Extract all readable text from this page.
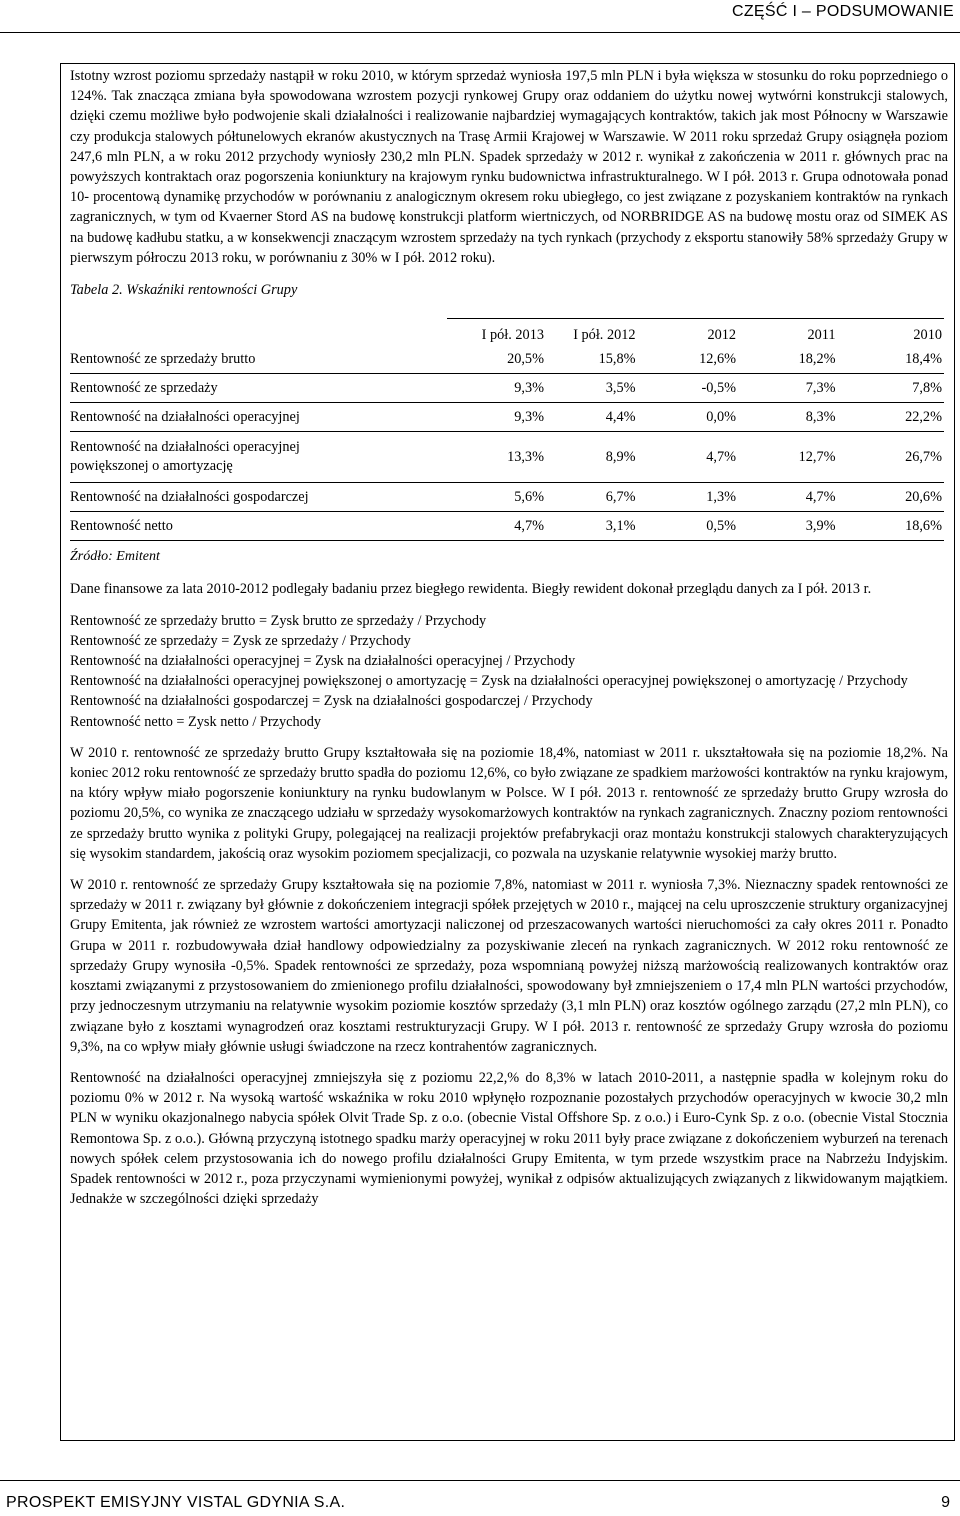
CZĘŚĆ I – PODSUMOWANIE

Istotny wzrost poziomu sprzedaży nastąpił w roku 2010, w którym sprzedaż wyniosła 197,5 mln PLN i była większa w stosunku do roku poprzedniego o 124%. Tak znacząca zmiana była spowodowana wzrostem pozycji rynkowej Grupy oraz oddaniem do użytku nowej wytwórni konstrukcji stalowych, dzięki czemu możliwe było podwojenie skali działalności i realizowanie najbardziej wymagających kontraktów, takich jak most Północny w Warszawie czy produkcja stalowych półtunelowych ekranów akustycznych na Trasę Armii Krajowej w Warszawie. W 2011 roku sprzedaż Grupy osiągnęła poziom 247,6 mln PLN, a w roku 2012 przychody wyniosły 230,2 mln PLN. Spadek sprzedaży w 2012 r. wynikał z zakończenia w 2011 r. głównych prac na powyższych kontraktach oraz pogorszenia koniunktury na krajowym rynku budownictwa infrastrukturalnego. W I pół. 2013 r. Grupa odnotowała ponad 10- procentową dynamikę przychodów w porównaniu z analogicznym okresem roku ubiegłego, co jest związane z pozyskaniem kontraktów na rynkach zagranicznych, w tym od Kvaerner Stord AS na budowę konstrukcji platform wiertniczych, od NORBRIDGE AS na budowę mostu oraz od SIMEK AS na budowę kadłubu statku, a w konsekwencji znaczącym wzrostem sprzedaży na tych rynkach (przychody z eksportu stanowiły 58% sprzedaży Grupy w pierwszym półroczu 2013 roku, w porównaniu z 30% w I pół. 2012 roku).

Tabela 2. Wskaźniki rentowności Grupy
	I pół. 2013	I pół. 2012	2012	2011	2010
Rentowność ze sprzedaży brutto	20,5%	15,8%	12,6%	18,2%	18,4%
Rentowność ze sprzedaży	9,3%	3,5%	-0,5%	7,3%	7,8%
Rentowność na działalności operacyjnej	9,3%	4,4%	0,0%	8,3%	22,2%
Rentowność na działalności operacyjnej powiększonej o amortyzację	13,3%	8,9%	4,7%	12,7%	26,7%
Rentowność na działalności gospodarczej	5,6%	6,7%	1,3%	4,7%	20,6%
Rentowność netto	4,7%	3,1%	0,5%	3,9%	18,6%
Źródło: Emitent

Dane finansowe za lata 2010-2012 podlegały badaniu przez biegłego rewidenta. Biegły rewident dokonał przeglądu danych za I pół. 2013 r.

Rentowność ze sprzedaży brutto = Zysk brutto ze sprzedaży / Przychody

Rentowność ze sprzedaży = Zysk ze sprzedaży / Przychody

Rentowność na działalności operacyjnej = Zysk na działalności operacyjnej / Przychody

Rentowność na działalności operacyjnej powiększonej o amortyzację = Zysk na działalności operacyjnej powiększonej o amortyzację / Przychody

Rentowność na działalności gospodarczej = Zysk na działalności gospodarczej / Przychody

Rentowność netto = Zysk netto / Przychody

W 2010 r. rentowność ze sprzedaży brutto Grupy kształtowała się na poziomie 18,4%, natomiast w 2011 r. ukształtowała się na poziomie 18,2%. Na koniec 2012 roku rentowność ze sprzedaży brutto spadła do poziomu 12,6%, co było związane ze spadkiem marżowości kontraktów na rynku krajowym, na który wpływ miało pogorszenie koniunktury na rynku budowlanym w Polsce. W I pół. 2013 r. rentowność ze sprzedaży brutto Grupy wzrosła do poziomu 20,5%, co wynika ze znaczącego udziału w sprzedaży wysokomarżowych kontraktów na rynkach zagranicznych. Znaczny poziom rentowności ze sprzedaży brutto wynika z polityki Grupy, polegającej na realizacji projektów prefabrykacji oraz montażu konstrukcji stalowych charakteryzujących się wysokim standardem, jakością oraz wysokim poziomem specjalizacji, co pozwala na uzyskanie relatywnie wysokiej marży brutto.

W 2010 r. rentowność ze sprzedaży Grupy kształtowała się na poziomie 7,8%, natomiast w 2011 r. wyniosła 7,3%. Nieznaczny spadek rentowności ze sprzedaży w 2011 r. związany był głównie z dokończeniem integracji spółek przejętych w 2010 r., mającej na celu uproszczenie struktury organizacyjnej Grupy Emitenta, jak również ze wzrostem wartości amortyzacji naliczonej od przeszacowanych wartości nieruchomości za cały okres 2011 r. Ponadto Grupa w 2011 r. rozbudowywała dział handlowy odpowiedzialny za pozyskiwanie zleceń na rynkach zagranicznych. W 2012 roku rentowność ze sprzedaży Grupy wynosiła -0,5%. Spadek rentowności ze sprzedaży, poza wspomnianą powyżej niższą marżowością realizowanych kontraktów oraz kosztami związanymi z przystosowaniem do zmienionego profilu działalności, spowodowany był zmniejszeniem o 17,4 mln PLN wartości przychodów, przy jednoczesnym utrzymaniu na relatywnie wysokim poziomie kosztów sprzedaży (3,1 mln PLN) oraz kosztów ogólnego zarządu (27,2 mln PLN), co związane było z kosztami wynagrodzeń oraz kosztami restrukturyzacji Grupy. W I pół. 2013 r. rentowność ze sprzedaży Grupy wzrosła do poziomu 9,3%, na co wpływ miały głównie usługi świadczone na rzecz kontrahentów zagranicznych.

Rentowność na działalności operacyjnej zmniejszyła się z poziomu 22,2,% do 8,3% w latach 2010-2011, a następnie spadła w kolejnym roku do poziomu 0% w 2012 r. Na wysoką wartość wskaźnika w roku 2010 wpłynęło rozpoznanie pozostałych przychodów operacyjnych w kwocie 30,2 mln PLN w wyniku okazjonalnego nabycia spółek Olvit Trade Sp. z o.o. (obecnie Vistal Offshore Sp. z o.o.) i Euro-Cynk Sp. z o.o. (obecnie Vistal Stocznia Remontowa Sp. z o.o.). Główną przyczyną istotnego spadku marży operacyjnej w roku 2011 były prace związane z dokończeniem wyburzeń na terenach nowych spółek celem przystosowania ich do nowego profilu działalności Grupy Emitenta, w tym przede wszystkim prace na Nabrzeżu Indyjskim. Spadek rentowności w 2012 r., poza przyczynami wymienionymi powyżej, wynikał z odpisów aktualizujących związanych z likwidowanym majątkiem. Jednakże w szczególności dzięki sprzedaży

PROSPEKT EMISYJNY VISTAL GDYNIA S.A.	9
